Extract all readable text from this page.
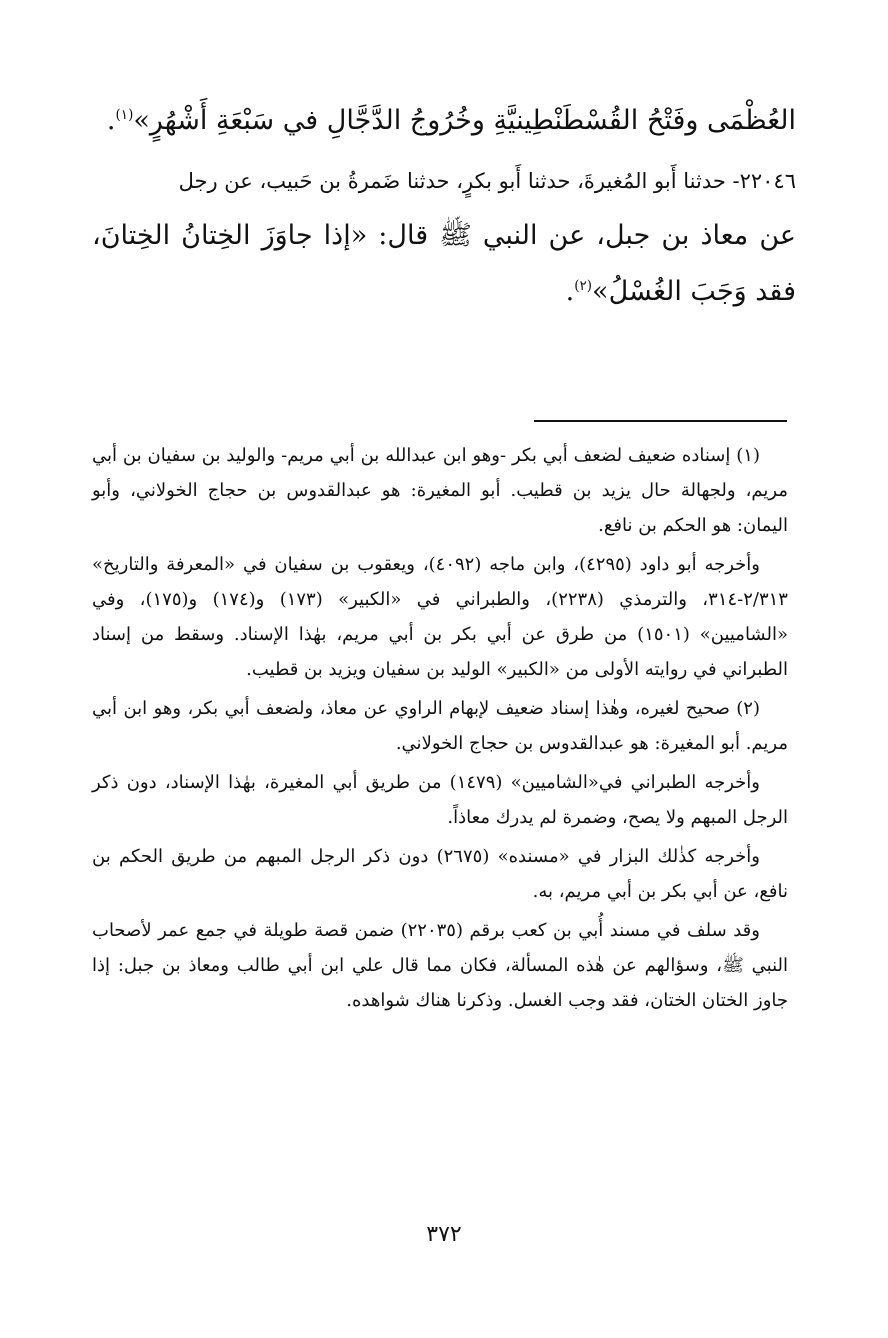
العُظْمَى وفَتْحُ القُسْطَنْطِينيَّةِ وخُرُوجُ الدَّجَّالِ في سَبْعَةِ أَشْهُرٍ»$^{(١)}$.

٢٢٠٤٦- حدثنا أَبو المُغيرةَ، حدثنا أَبو بكرٍ، حدثنا ضَمرةُ بن حَبيب، عن رجل

عن معاذ بن جبل، عن النبي ﷺ قال: «إذا جاوَزَ الخِتانُ الخِتانَ، فقد وَجَبَ الغُسْلُ»$^{(٢)}$.

(١) إسناده ضعيف لضعف أبي بكر -وهو ابن عبدالله بن أبي مريم- والوليد بن سفيان بن أبي مريم، ولجهالة حال يزيد بن قطيب. أبو المغيرة: هو عبدالقدوس بن حجاج الخولاني، وأبو اليمان: هو الحكم بن نافع.

وأخرجه أبو داود (٤٢٩٥)، وابن ماجه (٤٠٩٢)، ويعقوب بن سفيان في «المعرفة والتاريخ» ٢/٣١٣-٣١٤، والترمذي (٢٢٣٨)، والطبراني في «الكبير» (١٧٣) و(١٧٤) و(١٧٥)، وفي «الشاميين» (١٥٠١) من طرق عن أبي بكر بن أبي مريم، بهٰذا الإسناد. وسقط من إسناد الطبراني في روايته الأولى من «الكبير» الوليد بن سفيان ويزيد بن قطيب.

(٢) صحيح لغيره، وهٰذا إسناد ضعيف لإبهام الراوي عن معاذ، ولضعف أبي بكر، وهو ابن أبي مريم. أبو المغيرة: هو عبدالقدوس بن حجاج الخولاني.

وأخرجه الطبراني في«الشاميين» (١٤٧٩) من طريق أبي المغيرة، بهٰذا الإسناد، دون ذكر الرجل المبهم ولا يصح، وضمرة لم يدرك معاذاً.

وأخرجه كذٰلك البزار في «مسنده» (٢٦٧٥) دون ذكر الرجل المبهم من طريق الحكم بن نافع، عن أبي بكر بن أبي مريم، به.

وقد سلف في مسند أُبي بن كعب برقم (٢٢٠٣٥) ضمن قصة طويلة في جمع عمر لأصحاب النبي ﷺ، وسؤالهم عن هٰذه المسألة، فكان مما قال علي ابن أبي طالب ومعاذ بن جبل: إذا جاوز الختان الختان، فقد وجب الغسل. وذكرنا هناك شواهده.

٣٧٢
